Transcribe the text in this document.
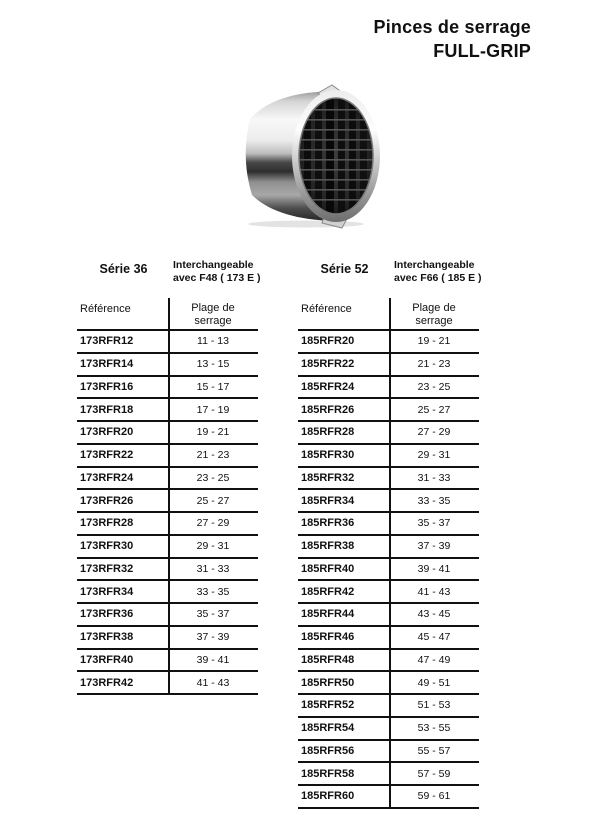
Pinces de serrage
FULL-GRIP
Série 36	Interchangeable
avec F48 ( 173 E )
Référence	Plage de
serrage
173RFR12	11 - 13
173RFR14	13 - 15
173RFR16	15 - 17
173RFR18	17 - 19
173RFR20	19 - 21
173RFR22	21 - 23
173RFR24	23 - 25
173RFR26	25 - 27
173RFR28	27 - 29
173RFR30	29 - 31
173RFR32	31 - 33
173RFR34	33 - 35
173RFR36	35 - 37
173RFR38	37 - 39
173RFR40	39 - 41
173RFR42	41 - 43
Série 52	Interchangeable
avec F66 ( 185 E )
Référence	Plage de
serrage
185RFR20	19 - 21
185RFR22	21 - 23
185RFR24	23 - 25
185RFR26	25 - 27
185RFR28	27 - 29
185RFR30	29 - 31
185RFR32	31 - 33
185RFR34	33 - 35
185RFR36	35 - 37
185RFR38	37 - 39
185RFR40	39 - 41
185RFR42	41 - 43
185RFR44	43 - 45
185RFR46	45 - 47
185RFR48	47 - 49
185RFR50	49 - 51
185RFR52	51 - 53
185RFR54	53 - 55
185RFR56	55 - 57
185RFR58	57 - 59
185RFR60	59 - 61
